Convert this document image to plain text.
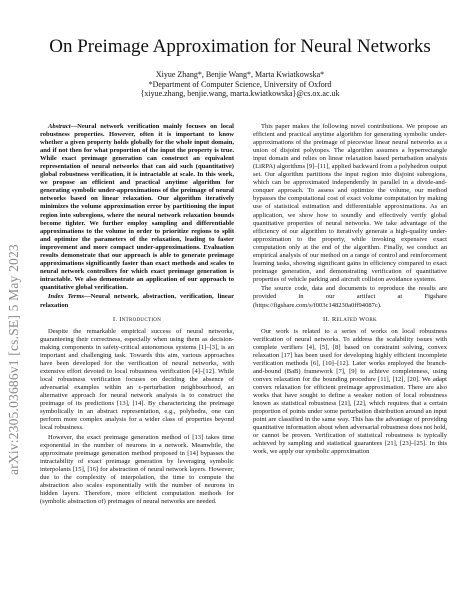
arXiv:2305.03686v1 [cs.SE] 5 May 2023
On Preimage Approximation for Neural Networks
Xiyue Zhang*, Benjie Wang*, Marta Kwiatkowska*
*Department of Computer Science, University of Oxford
{xiyue.zhang, benjie.wang, marta.kwiatkowska}@cs.ox.ac.uk

Abstract—Neural network verification mainly focuses on local robustness properties. However, often it is important to know whether a given property holds globally for the whole input domain, and if not then for what proportion of the input the property is true. While exact preimage generation can construct an equivalent representation of neural networks that can aid such (quantitative) global robustness verification, it is intractable at scale. In this work, we propose an efficient and practical anytime algorithm for generating symbolic under-approximations of the preimage of neural networks based on linear relaxation. Our algorithm iteratively minimizes the volume approximation error by partitioning the input region into subregions, where the neural network relaxation bounds become tighter. We further employ sampling and differentiable approximations to the volume in order to prioritize regions to split and optimize the parameters of the relaxation, leading to faster improvement and more compact under-approximations. Evaluation results demonstrate that our approach is able to generate preimage approximations significantly faster than exact methods and scales to neural network controllers for which exact preimage generation is intractable. We also demonstrate an application of our approach to quantitative global verification.

Index Terms—Neural network, abstraction, verification, linear relaxation

I. Introduction

Despite the remarkable empirical success of neural networks, guaranteeing their correctness, especially when using them as decision-making components in safety-critical autonomous systems [1]–[3], is an important and challenging task. Towards this aim, various approaches have been developed for the verification of neural networks, with extensive effort devoted to local robustness verification [4]–[12]. While local robustness verification focuses on deciding the absence of adversarial examples within an ε-perturbation neighbourhood, an alternative approach for neural network analysis is to construct the preimage of its predictions [13], [14]. By characterizing the preimage symbolically in an abstract representation, e.g., polyhedra, one can perform more complex analysis for a wider class of properties beyond local robustness.

However, the exact preimage generation method of [13] takes time exponential in the number of neurons in a network. Meanwhile, the approximate preimage generation method proposed in [14] bypasses the intractability of exact preimage generation by leveraging symbolic interpolants [15], [16] for abstraction of neural network layers. However, due to the complexity of interpolation, the time to compute the abstraction also scales exponentially with the number of neurons in hidden layers. Therefore, more efficient computation methods for (symbolic abstraction of) preimages of neural networks are needed.

This paper makes the following novel contributions. We propose an efficient and practical anytime algorithm for generating symbolic under-approximations of the preimage of piecewise linear neural networks as a union of disjoint polytopes. The algorithm assumes a hyperrectangle input domain and relies on linear relaxation based perturbation analysis (LiRPA) algorithms [9]–[11], applied backward from a polyhedron output set. Our algorithm partitions the input region into disjoint subregions, which can be approximated independently in parallel in a divide-and-conquer approach. To assess and optimize the volume, our method bypasses the computational cost of exact volume computation by making use of statistical estimation and differentiable approximations. As an application, we show how to soundly and effectively verify global quantitative properties of neural networks. We take advantage of the efficiency of our algorithm to iteratively generate a high-quality under-approximation to the property, while invoking expensive exact computation only at the end of the algorithm. Finally, we conduct an empirical analysis of our method on a range of control and reinforcement learning tasks, showing significant gains in efficiency compared to exact preimage generation, and demonstrating verification of quantitative properties of vehicle parking and aircraft collision avoidance systems.

The source code, data and documents to reproduce the results are provided in our artifact at Figshare (https://figshare.com/s/f003c148230a0ff94087c).

II. Related Work

Our work is related to a series of works on local robustness verification of neural networks. To address the scalability issues with complete verifiers [4], [5], [8] based on constraint solving, convex relaxation [17] has been used for developing highly efficient incomplete verification methods [6], [10]–[12]. Later works employed the branch-and-bound (BaB) framework [7], [9] to achieve completeness, using convex relaxation for the bounding procedure [11], [12], [20]. We adapt convex relaxation for efficient preimage approximation. There are also works that have sought to define a weaker notion of local robustness known as statistical robustness [21], [22], which requires that a certain proportion of points under some perturbation distribution around an input point are classified in the same way. This has the advantage of providing quantitative information about when adversarial robustness does not hold, or cannot be proven. Verification of statistical robustness is typically achieved by sampling and statistical guarantees [21], [23]–[25]. In this work, we apply our symbolic approximation
